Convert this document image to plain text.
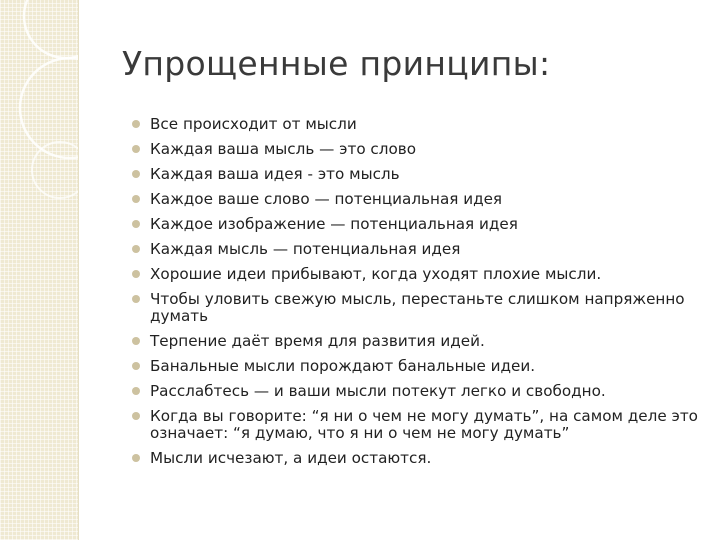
Упрощенные принципы:
Все происходит от мысли
Каждая ваша мысль — это слово
Каждая ваша идея - это мысль
Каждое ваше слово — потенциальная идея
Каждое изображение — потенциальная идея
Каждая мысль — потенциальная идея
Хорошие идеи прибывают, когда уходят плохие мысли.
Чтобы уловить свежую мысль, перестаньте слишком напряженно думать
Терпение даёт время для развития идей.
Банальные мысли порождают банальные идеи.
Расслабтесь — и ваши мысли потекут легко и свободно.
Когда вы говорите: “я ни о чем не могу думать”, на самом деле это означает: “я думаю, что я ни о чем не могу думать”
Мысли исчезают, а идеи остаются.
